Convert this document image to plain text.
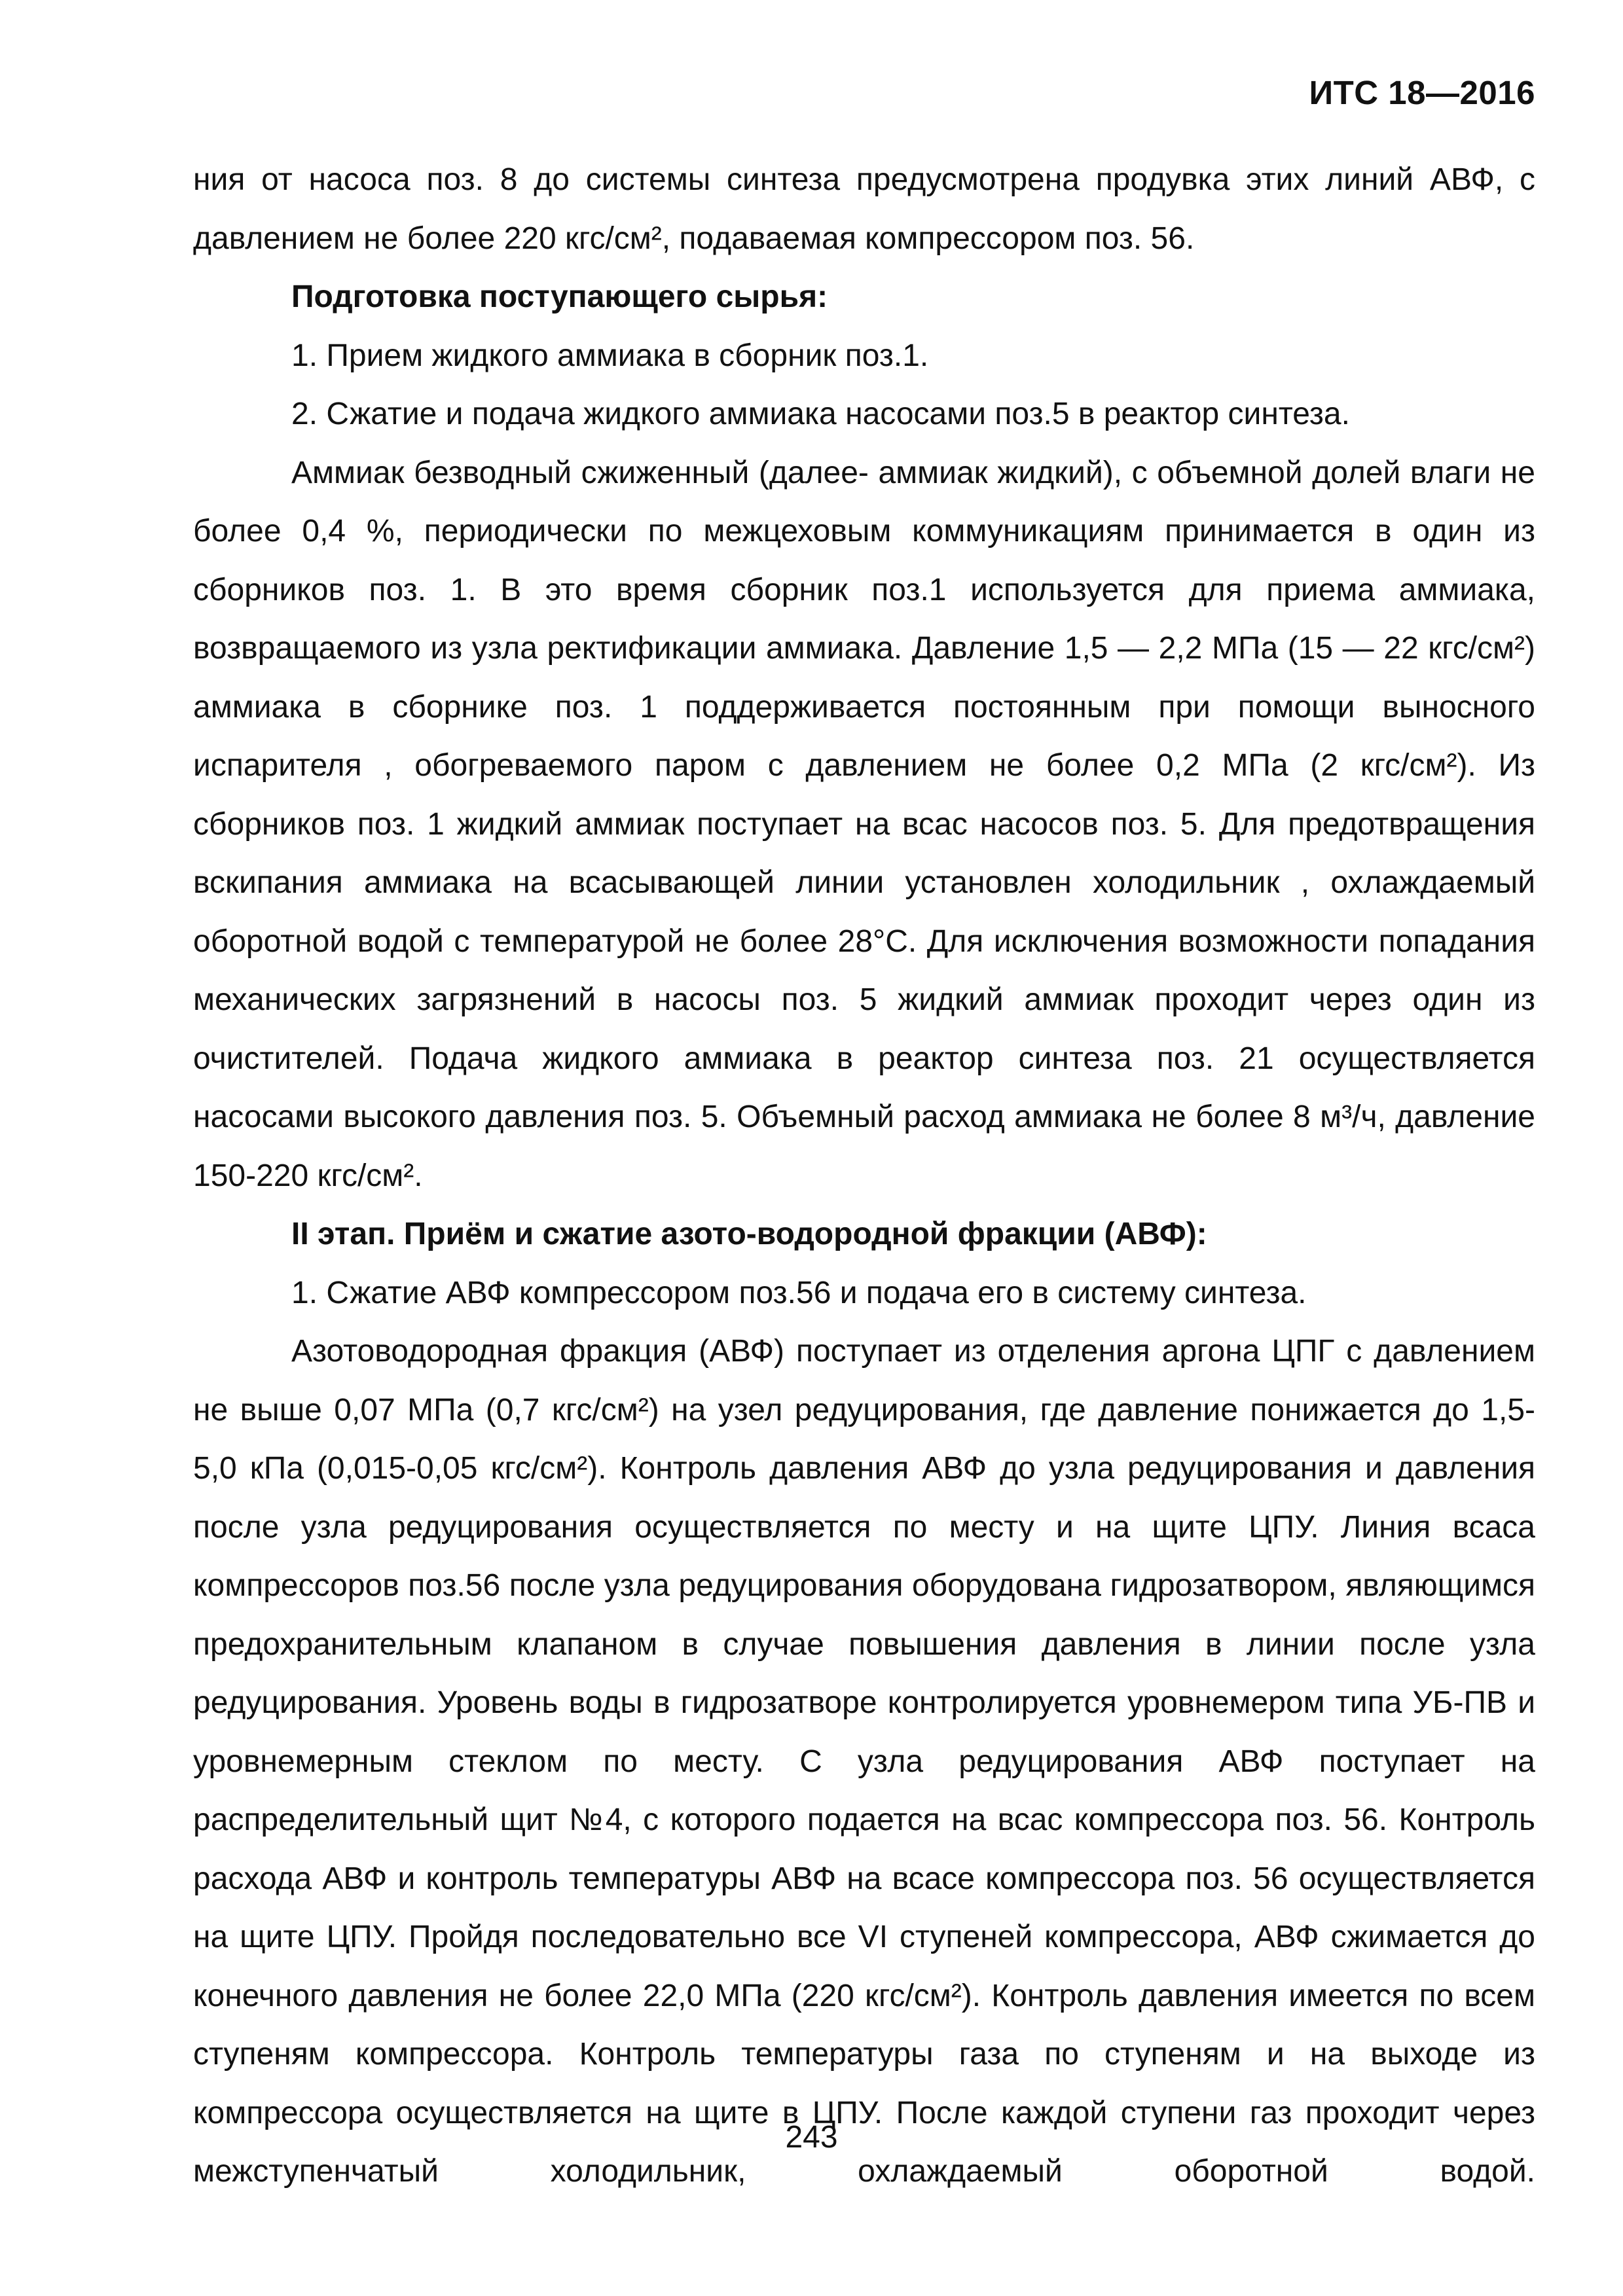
ИТС 18—2016

ния от насоса поз. 8 до системы синтеза предусмотрена продувка этих линий АВФ, с давлением не более 220 кгс/см², подаваемая компрессором поз. 56.

Подготовка поступающего сырья:

1. Прием жидкого аммиака в сборник поз.1.

2. Сжатие и подача жидкого аммиака насосами поз.5 в реактор синтеза.

Аммиак безводный сжиженный (далее- аммиак жидкий), с объемной долей влаги не более 0,4 %, периодически по межцеховым коммуникациям принимается в один из сборников поз. 1. В это время сборник поз.1 используется для приема аммиака, возвращаемого из узла ректификации аммиака. Давление 1,5 — 2,2 МПа (15 — 22 кгс/см²) аммиака в сборнике поз. 1 поддерживается постоянным при помощи выносного испарителя , обогреваемого паром с давлением не более 0,2 МПа (2 кгс/см²). Из сборников поз. 1 жидкий аммиак поступает на всас насосов поз. 5. Для предотвращения вскипания аммиака на всасывающей линии установлен холодильник , охлаждаемый оборотной водой с температурой не более 28°С. Для исключения возможности попадания механических загрязнений в насосы поз. 5 жидкий аммиак проходит через один из очистителей. Подача жидкого аммиака в реактор синтеза поз. 21 осуществляется насосами высокого давления поз. 5. Объемный расход аммиака не более 8 м³/ч, давление 150-220 кгс/см².

II этап. Приём и сжатие азото-водородной фракции (АВФ):

1. Сжатие АВФ компрессором поз.56 и подача его в систему синтеза.

Азотоводородная фракция (АВФ) поступает из отделения аргона ЦПГ с давлением не выше 0,07 МПа (0,7 кгс/см²) на узел редуцирования, где давление понижается до 1,5-5,0 кПа (0,015-0,05 кгс/см²). Контроль давления АВФ до узла редуцирования и давления после узла редуцирования осуществляется по месту и на щите ЦПУ. Линия всаса компрессоров поз.56 после узла редуцирования оборудована гидрозатвором, являющимся предохранительным клапаном в случае повышения давления в линии после узла редуцирования. Уровень воды в гидрозатворе контролируется уровнемером типа УБ-ПВ и уровнемерным стеклом по месту. С узла редуцирования АВФ поступает на распределительный щит №4, с которого подается на всас компрессора поз. 56. Контроль расхода АВФ и контроль температуры АВФ на всасе компрессора поз. 56 осуществляется на щите ЦПУ. Пройдя последовательно все VI ступеней компрессора, АВФ сжимается до конечного давления не более 22,0 МПа (220 кгс/см²). Контроль давления имеется по всем ступеням компрессора. Контроль температуры газа по ступеням и на выходе из компрессора осуществляется на щите в ЦПУ. После каждой ступени газ проходит через межступенчатый холодильник, охлаждаемый оборотной водой.

243
